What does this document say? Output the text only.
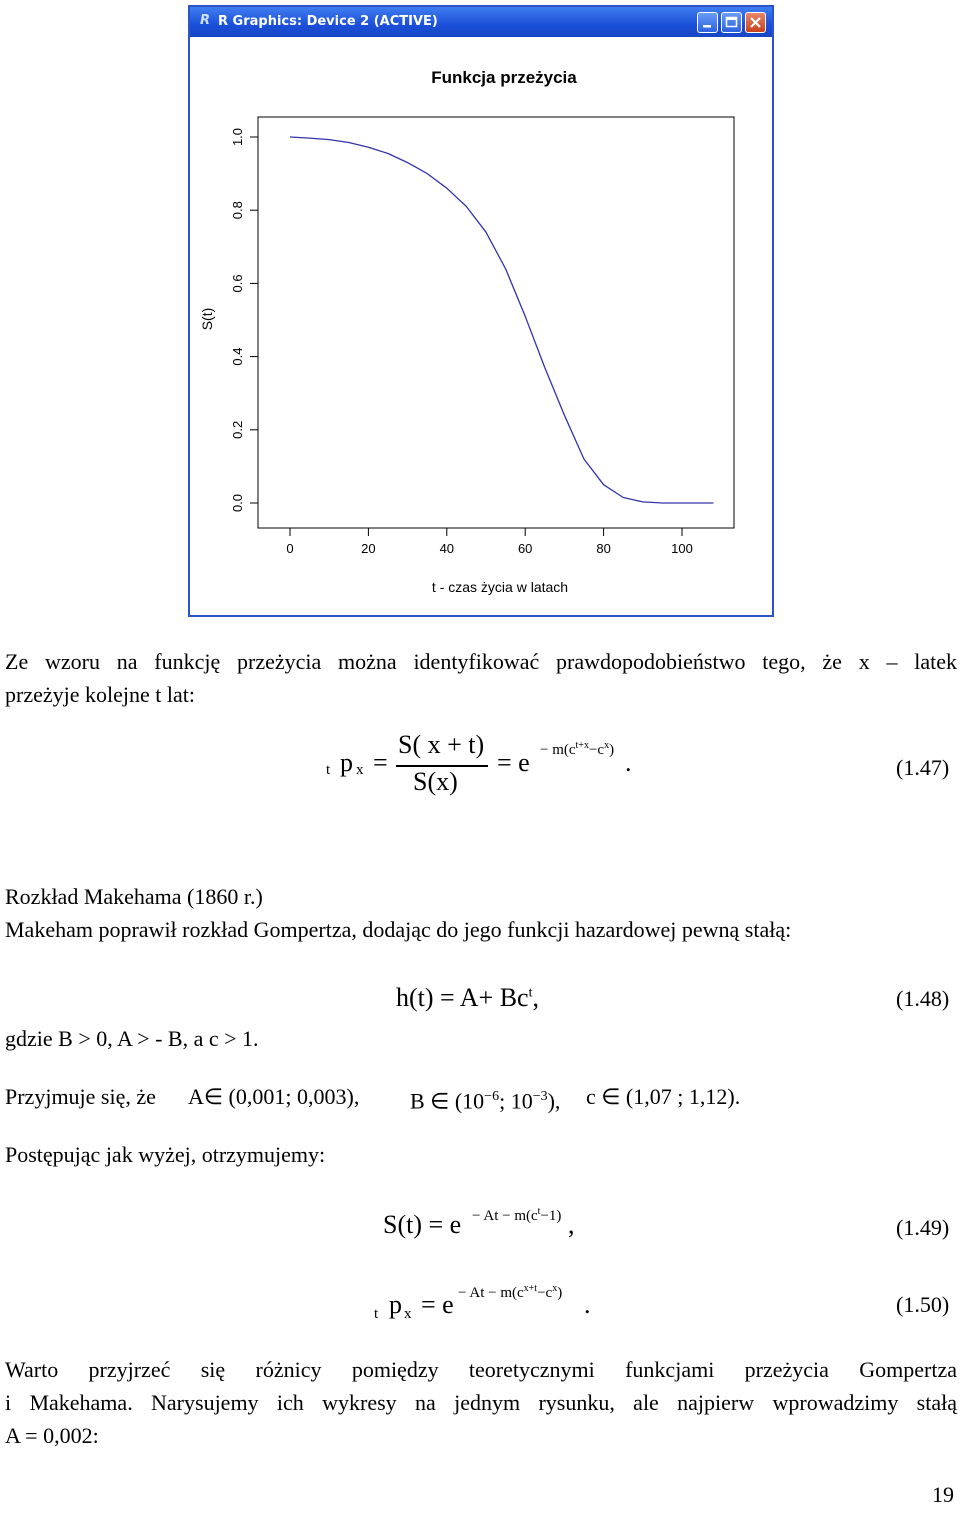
R R Graphics: Device 2 (ACTIVE)
Funkcja przeżycia
0.0
0.2
0.4
0.6
0.8
1.0
0	20	40	60	80	100
S(t)
t - czas życia w latach
Ze wzoru na funkcję przeżycia można identyfikować prawdopodobieństwo tego, że x – latek
przeżyje kolejne t lat:
t p x =
S( x + t)
S(x)
= $e - m(c^{t+x}-c^x)$ .	(1.47)
Rozkład Makehama (1860 r.)
Makeham poprawił rozkład Gompertza, dodając do jego funkcji hazardowej pewną stałą:
$h(t) = A+ Bc^t$,	(1.48)
gdzie B > 0, A > - B, a c > 1.
Przyjmuje się, że A∈ (0,001; 0,003), B ∈ ($10^{-6}$; $10^{-3}$), c ∈ (1,07 ; 1,12).
Postępując jak wyżej, otrzymujemy:
$S(t) = e - At - m(c^t-1)$ ,	(1.49)
t p $x = e - At - m(c^{x+t}-c^x)$ .	(1.50)
Warto przyjrzeć się różnicy pomiędzy teoretycznymi funkcjami przeżycia Gompertza
i Makehama. Narysujemy ich wykresy na jednym rysunku, ale najpierw wprowadzimy stałą
A = 0,002:
19
